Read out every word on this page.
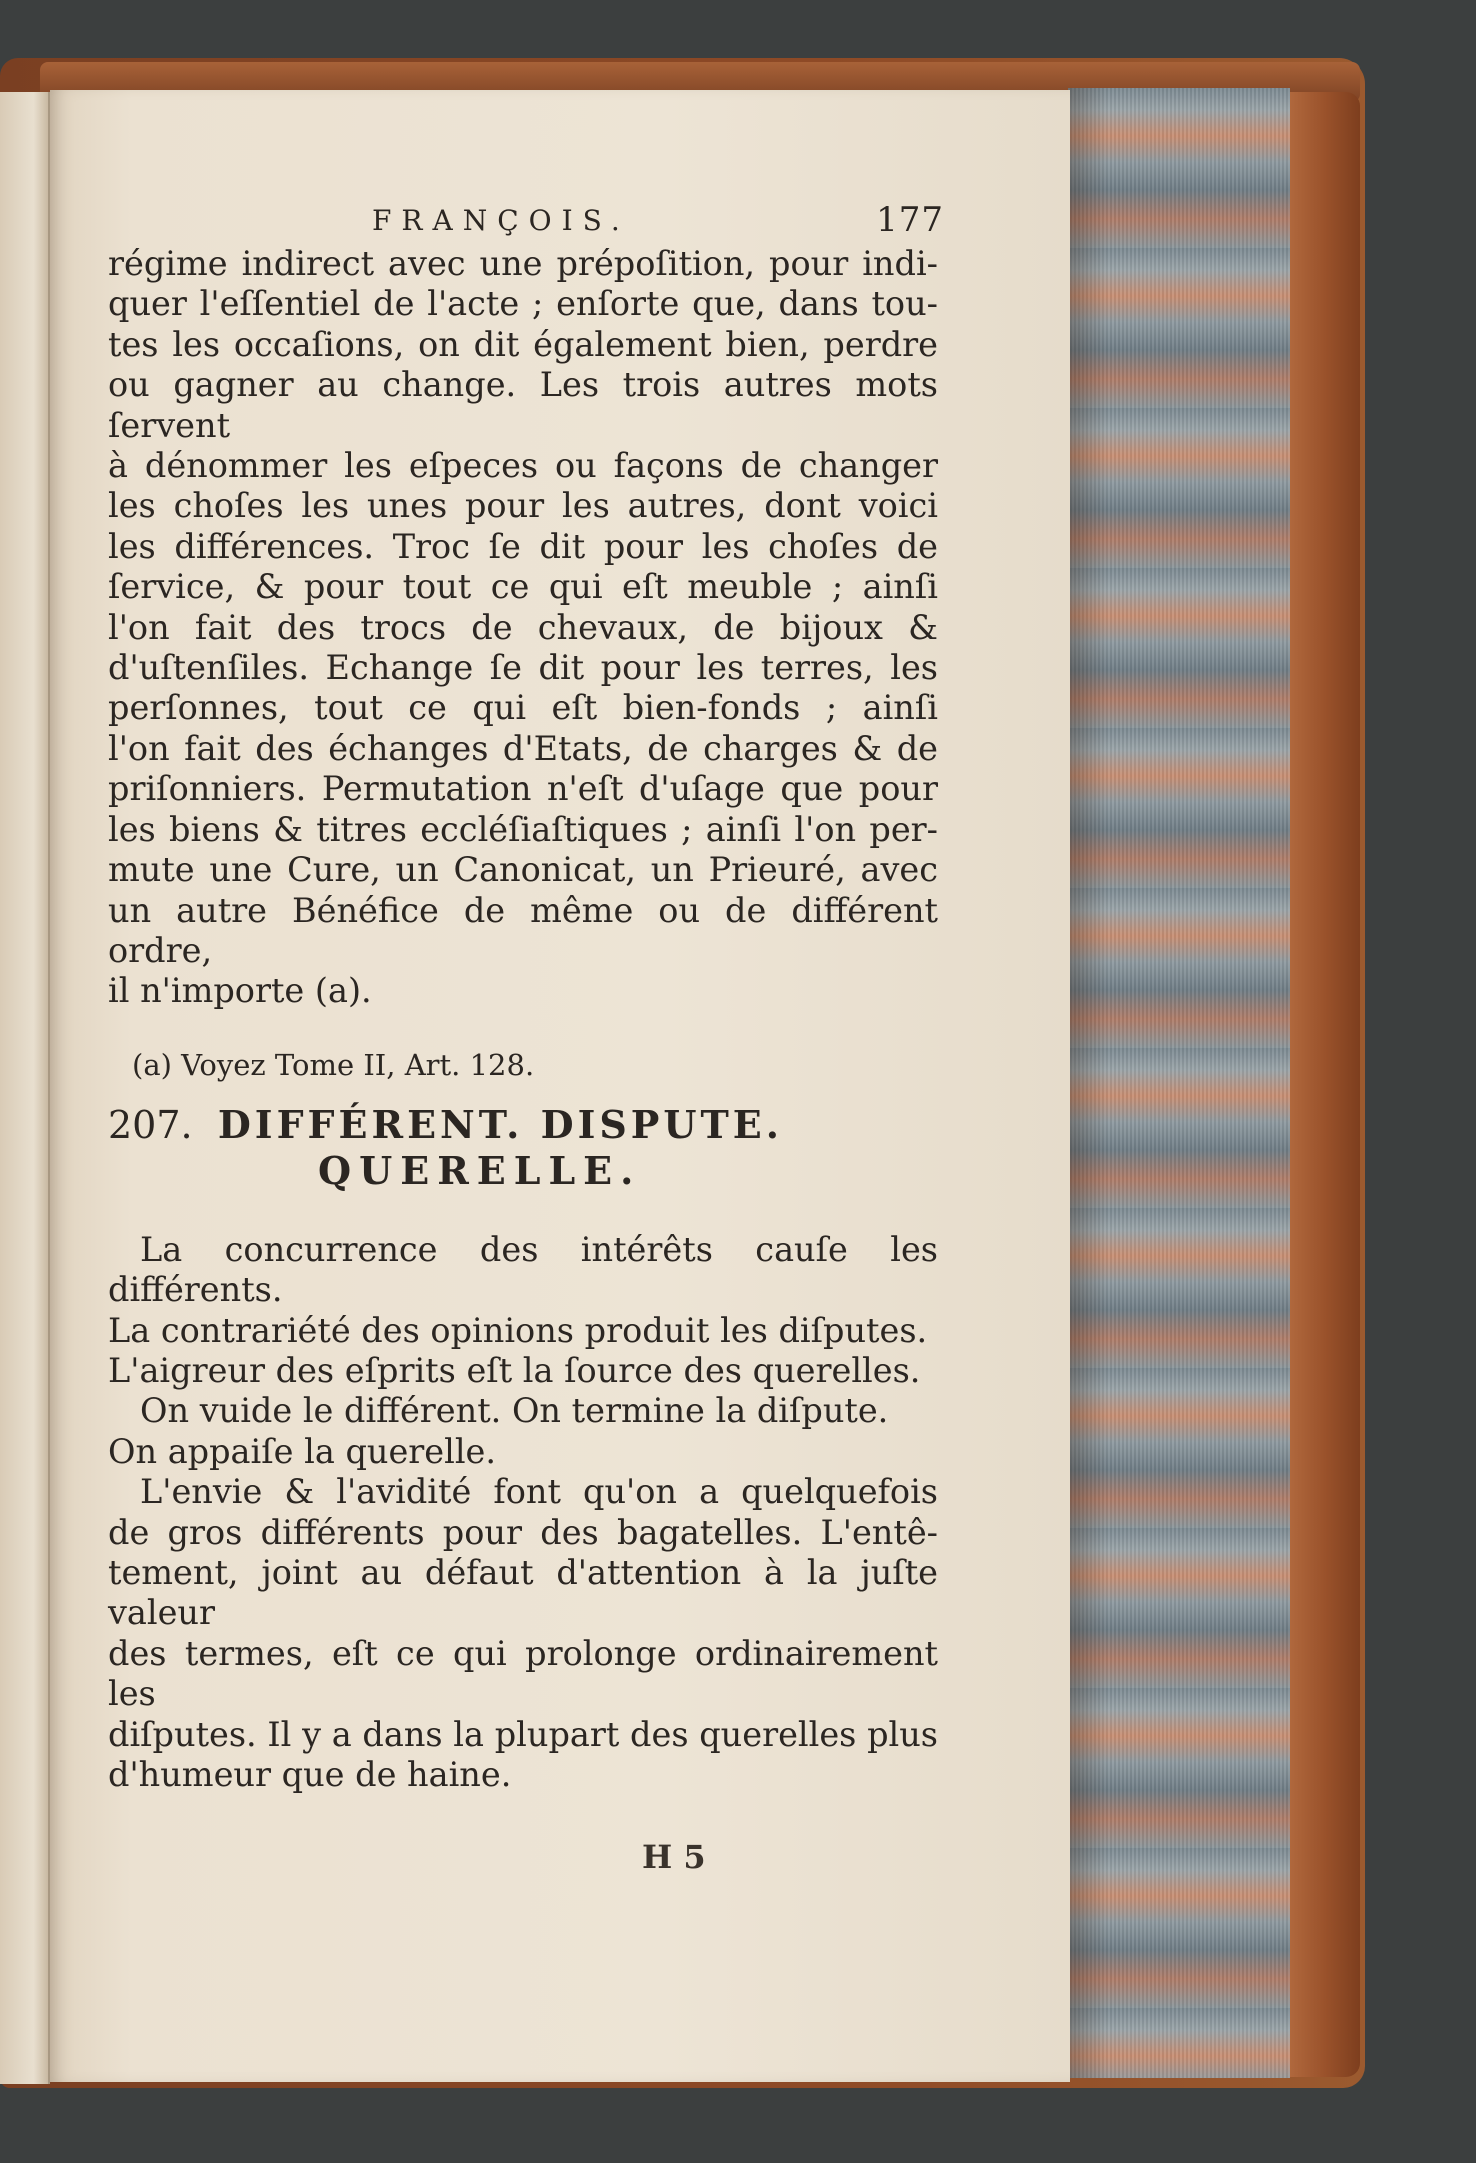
FRANÇOIS.	177

régime indirect avec une prépoſition, pour indi-

quer l'eſſentiel de l'acte ; enſorte que, dans tou-

tes les occaſions, on dit également bien, perdre

ou gagner au change. Les trois autres mots ſervent

à dénommer les eſpeces ou façons de changer

les choſes les unes pour les autres, dont voici

les différences. Troc ſe dit pour les choſes de

ſervice, & pour tout ce qui eſt meuble ; ainſi

l'on fait des trocs de chevaux, de bijoux &

d'uſtenſiles. Echange ſe dit pour les terres, les

perſonnes, tout ce qui eſt bien-fonds ; ainſi

l'on fait des échanges d'Etats, de charges & de

priſonniers. Permutation n'eſt d'uſage que pour

les biens & titres eccléſiaſtiques ; ainſi l'on per-

mute une Cure, un Canonicat, un Prieuré, avec

un autre Bénéfice de même ou de différent ordre,

il n'importe (a).

(a) Voyez Tome II, Art. 128.
207. DIFFÉRENT. DISPUTE.
QUERELLE.

La concurrence des intérêts cauſe les différents.

La contrariété des opinions produit les diſputes.

L'aigreur des eſprits eſt la ſource des querelles.

On vuide le différent. On termine la diſpute.

On appaiſe la querelle.

L'envie & l'avidité font qu'on a quelquefois

de gros différents pour des bagatelles. L'entê-

tement, joint au défaut d'attention à la juſte valeur

des termes, eſt ce qui prolonge ordinairement les

diſputes. Il y a dans la plupart des querelles plus

d'humeur que de haine.

H 5
